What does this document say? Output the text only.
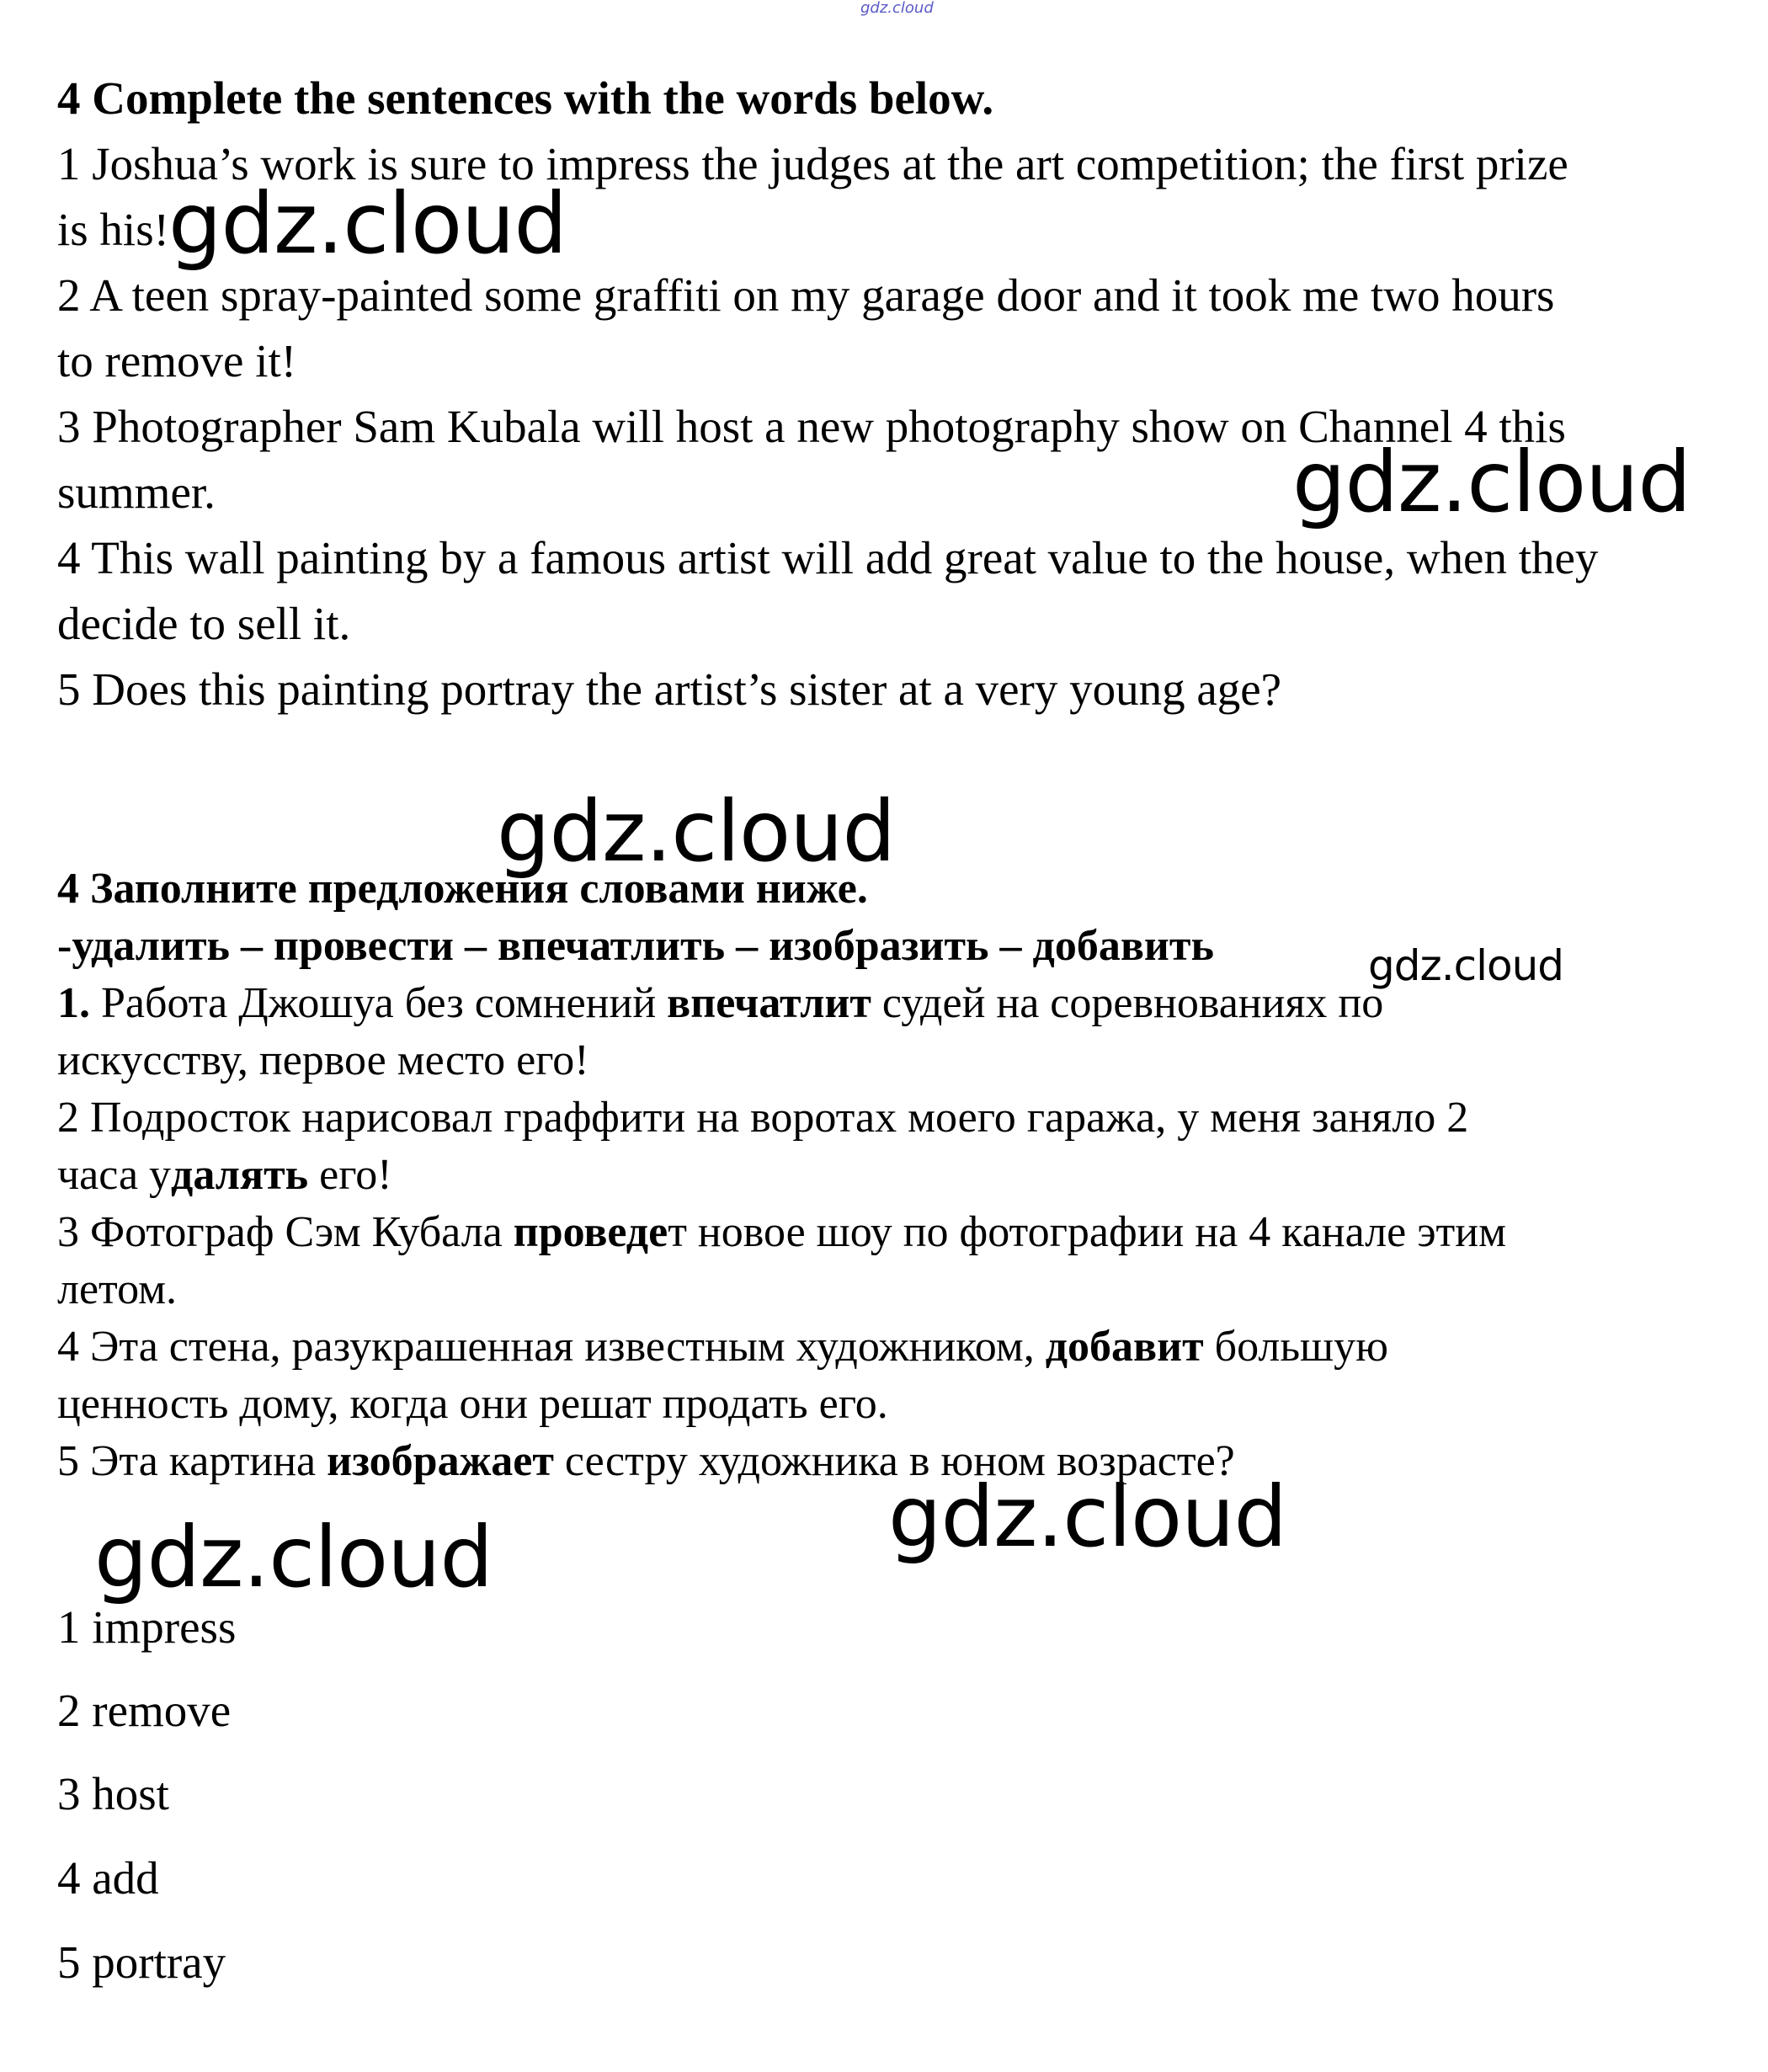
gdz.cloud
4 Complete the sentences with the words below.
1 Joshua’s work is sure to impress the judges at the art competition; the first prize
is his!
2 A teen spray-painted some graffiti on my garage door and it took me two hours
to remove it!
3 Photographer Sam Kubala will host a new photography show on Channel 4 this
summer.
4 This wall painting by a famous artist will add great value to the house, when they
decide to sell it.
5 Does this painting portray the artist’s sister at a very young age?
4 Заполните предложения словами ниже.
-удалить – провести – впечатлить – изобразить – добавить
1. Работа Джошуа без сомнений впечатлит судей на соревнованиях по
искусству, первое место его!
2 Подросток нарисовал граффити на воротах моего гаража, у меня заняло 2
часа удалять его!
3 Фотограф Сэм Кубала проведет новое шоу по фотографии на 4 канале этим
летом.
4 Эта стена, разукрашенная известным художником, добавит большую
ценность дому, когда они решат продать его.
5 Эта картина изображает сестру художника в юном возрасте?
1 impress
2 remove
3 host
4 add
5 portray
gdz.cloud
gdz.cloud
gdz.cloud
gdz.cloud
gdz.cloud
gdz.cloud
